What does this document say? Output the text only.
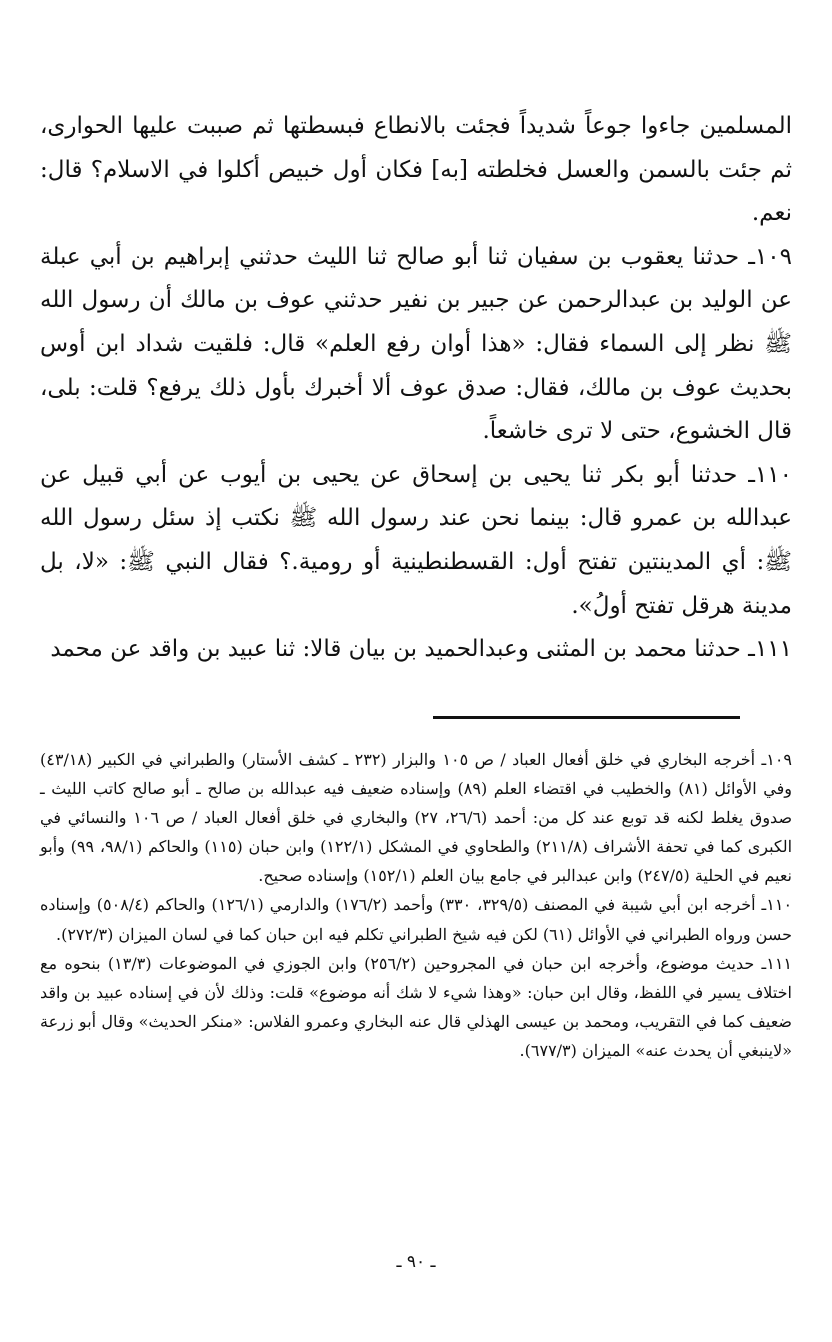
المسلمين جاءوا جوعاً شديداً فجئت بالانطاع فبسطتها ثم صببت عليها الحوارى، ثم جئت بالسمن والعسل فخلطته [به] فكان أول خبيص أكلوا في الاسلام؟ قال: نعم.

١٠٩ـ حدثنا يعقوب بن سفيان ثنا أبو صالح ثنا الليث حدثني إبراهيم بن أبي عبلة عن الوليد بن عبدالرحمن عن جبير بن نفير حدثني عوف بن مالك أن رسول الله ﷺ نظر إلى السماء فقال: «هذا أوان رفع العلم» قال: فلقيت شداد ابن أوس بحديث عوف بن مالك، فقال: صدق عوف ألا أخبرك بأول ذلك يرفع؟ قلت: بلى، قال الخشوع، حتى لا ترى خاشعاً.

١١٠ـ حدثنا أبو بكر ثنا يحيى بن إسحاق عن يحيى بن أيوب عن أبي قبيل عن عبدالله بن عمرو قال: بينما نحن عند رسول الله ﷺ نكتب إذ سئل رسول الله ﷺ: أي المدينتين تفتح أول: القسطنطينية أو رومية.؟ فقال النبي ﷺ: «لا، بل مدينة هرقل تفتح أولُ».

١١١ـ حدثنا محمد بن المثنى وعبدالحميد بن بيان قالا: ثنا عبيد بن واقد عن محمد

١٠٩ـ أخرجه البخاري في خلق أفعال العباد / ص ١٠٥ والبزار (٢٣٢ ـ كشف الأستار) والطبراني في الكبير (٤٣/١٨) وفي الأوائل (٨١) والخطيب في اقتضاء العلم (٨٩) وإسناده ضعيف فيه عبدالله بن صالح ـ أبو صالح كاتب الليث ـ صدوق يغلط لكنه قد توبع عند كل من: أحمد (٢٦/٦، ٢٧) والبخاري في خلق أفعال العباد / ص ١٠٦ والنسائي في الكبرى كما في تحفة الأشراف (٢١١/٨) والطحاوي في المشكل (١٢٢/١) وابن حبان (١١٥) والحاكم (٩٨/١، ٩٩) وأبو نعيم في الحلية (٢٤٧/٥) وابن عبدالبر في جامع بيان العلم (١٥٢/١) وإسناده صحيح.

١١٠ـ أخرجه ابن أبي شيبة في المصنف (٣٢٩/٥، ٣٣٠) وأحمد (١٧٦/٢) والدارمي (١٢٦/١) والحاكم (٥٠٨/٤) وإسناده حسن ورواه الطبراني في الأوائل (٦١) لكن فيه شيخ الطبراني تكلم فيه ابن حبان كما في لسان الميزان (٢٧٢/٣).

١١١ـ حديث موضوع، وأخرجه ابن حبان في المجروحين (٢٥٦/٢) وابن الجوزي في الموضوعات (١٣/٣) بنحوه مع اختلاف يسير في اللفظ، وقال ابن حبان: «وهذا شيء لا شك أنه موضوع» قلت: وذلك لأن في إسناده عبيد بن واقد ضعيف كما في التقريب، ومحمد بن عيسى الهذلي قال عنه البخاري وعمرو الفلاس: «منكر الحديث» وقال أبو زرعة «لاينبغي أن يحدث عنه» الميزان (٦٧٧/٣).

ـ ٩٠ ـ
